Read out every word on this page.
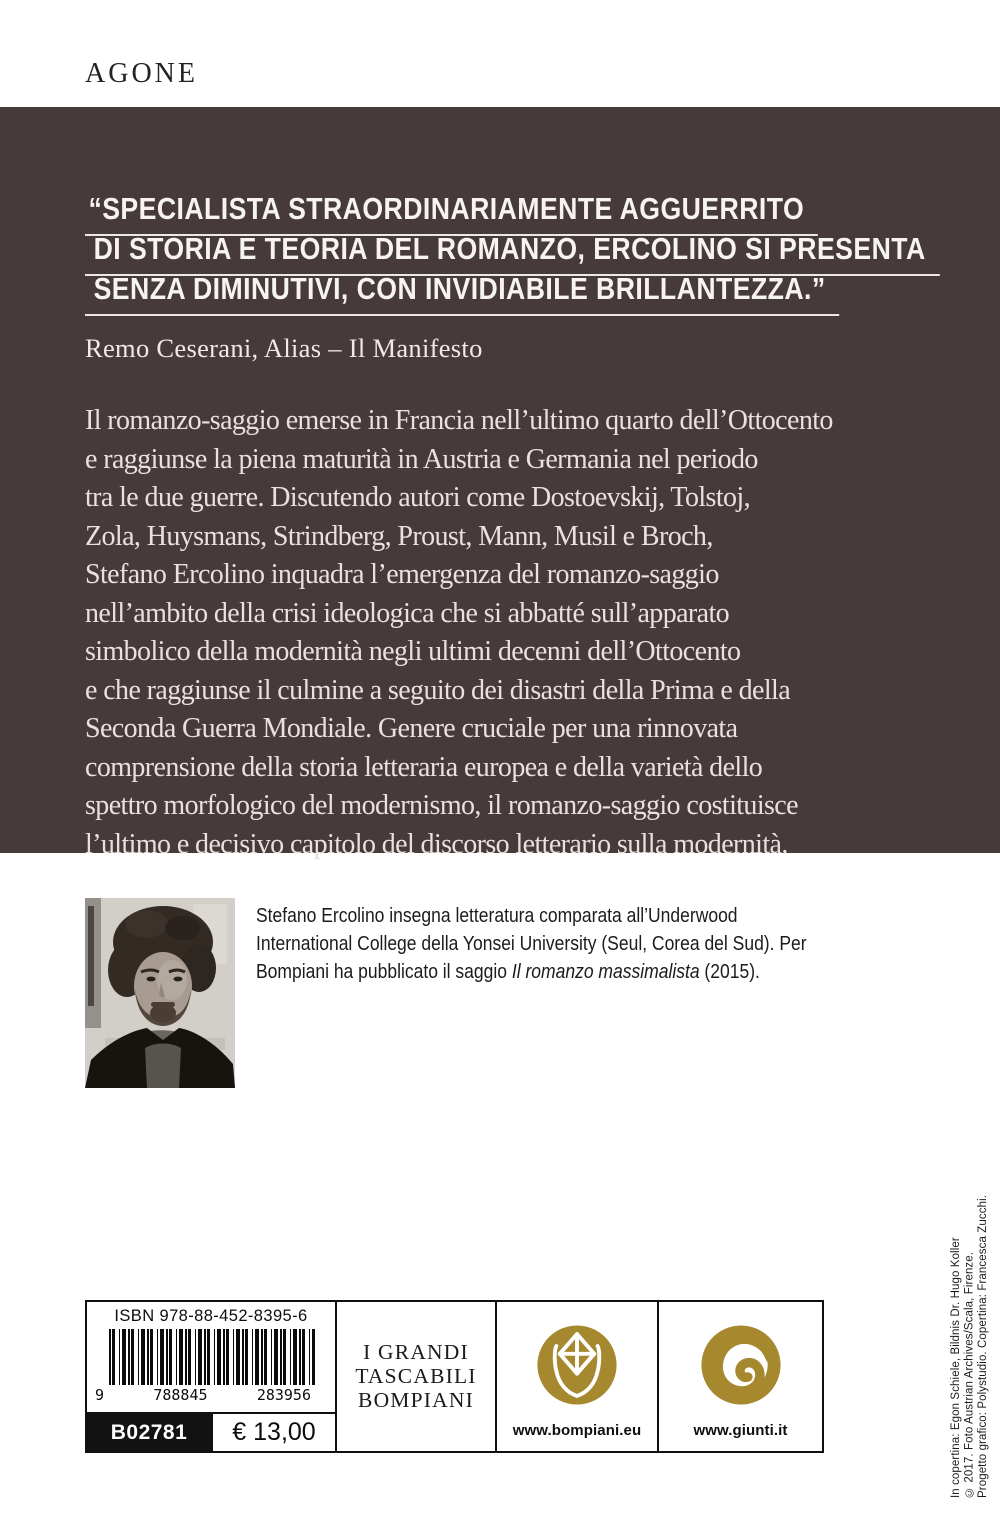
AGONE
“SPECIALISTA STRAORDINARIAMENTE AGGUERRITO
DI STORIA E TEORIA DEL ROMANZO, ERCOLINO SI PRESENTA
SENZA DIMINUTIVI, CON INVIDIABILE BRILLANTEZZA.”
Remo Ceserani, Alias – Il Manifesto
Il romanzo-saggio emerse in Francia nell’ultimo quarto dell’Ottocento
e raggiunse la piena maturità in Austria e Germania nel periodo
tra le due guerre. Discutendo autori come Dostoevskij, Tolstoj,
Zola, Huysmans, Strindberg, Proust, Mann, Musil e Broch,
Stefano Ercolino inquadra l’emergenza del romanzo-saggio
nell’ambito della crisi ideologica che si abbatté sull’apparato
simbolico della modernità negli ultimi decenni dell’Ottocento
e che raggiunse il culmine a seguito dei disastri della Prima e della
Seconda Guerra Mondiale. Genere cruciale per una rinnovata
comprensione della storia letteraria europea e della varietà dello
spettro morfologico del modernismo, il romanzo-saggio costituisce
l’ultimo e decisivo capitolo del discorso letterario sulla modernità.

Stefano Ercolino insegna letteratura comparata all’Underwood International College della Yonsei University (Seul, Corea del Sud). Per Bompiani ha pubblicato il saggio Il romanzo massimalista (2015).

In copertina: Egon Schiele, Bildnis Dr. Hugo Koller © 2017. Foto Austrian Archives/Scala, Firenze. Progetto grafico: Polystudio. Copertina: Francesca Zucchi.
ISBN 978-88-452-8395-6
9	788845	283956
B02781	€ 13,00
I GRANDI
TASCABILI
BOMPIANI
www.bompiani.eu	www.giunti.it
